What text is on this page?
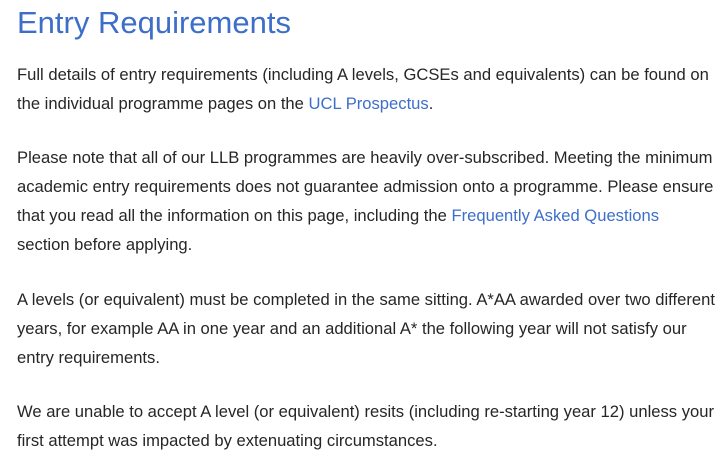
Entry Requirements

Full details of entry requirements (including A levels, GCSEs and equivalents) can be found on the individual programme pages on the UCL Prospectus.

Please note that all of our LLB programmes are heavily over-subscribed. Meeting the minimum academic entry requirements does not guarantee admission onto a programme. Please ensure that you read all the information on this page, including the Frequently Asked Questions section before applying.

A levels (or equivalent) must be completed in the same sitting. A*AA awarded over two different years, for example AA in one year and an additional A* the following year will not satisfy our entry requirements.

We are unable to accept A level (or equivalent) resits (including re-starting year 12) unless your first attempt was impacted by extenuating circumstances.
